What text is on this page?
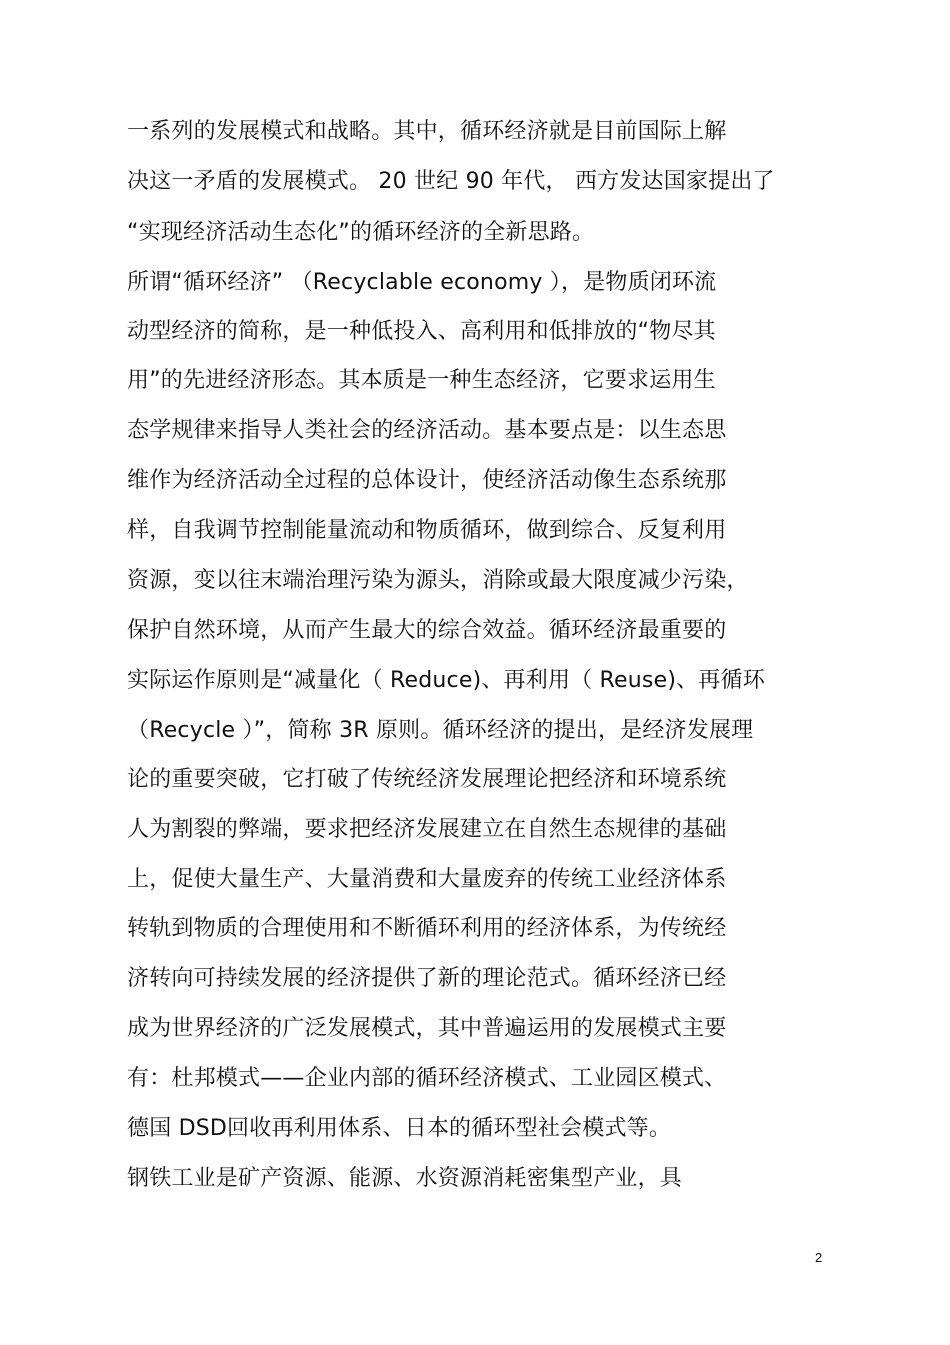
一系列的发展模式和战略。其中，循环经济就是目前国际上解
决这一矛盾的发展模式。 20 世纪 90 年代， 西方发达国家提出了
“实现经济活动生态化”的循环经济的全新思路。
所谓“循环经济” （Recyclable economy ），是物质闭环流
动型经济的简称，是一种低投入、高利用和低排放的“物尽其
用”的先进经济形态。其本质是一种生态经济，它要求运用生
态学规律来指导人类社会的经济活动。基本要点是：以生态思
维作为经济活动全过程的总体设计，使经济活动像生态系统那
样，自我调节控制能量流动和物质循环，做到综合、反复利用
资源，变以往末端治理污染为源头，消除或最大限度减少污染，
保护自然环境，从而产生最大的综合效益。循环经济最重要的
实际运作原则是“减量化（ Reduce)、再利用（ Reuse)、再循环
（Recycle ）”，简称 3R 原则。循环经济的提出，是经济发展理
论的重要突破，它打破了传统经济发展理论把经济和环境系统
人为割裂的弊端，要求把经济发展建立在自然生态规律的基础
上，促使大量生产、大量消费和大量废弃的传统工业经济体系
转轨到物质的合理使用和不断循环利用的经济体系，为传统经
济转向可持续发展的经济提供了新的理论范式。循环经济已经
成为世界经济的广泛发展模式，其中普遍运用的发展模式主要
有：杜邦模式——企业内部的循环经济模式、工业园区模式、
德国 DSD回收再利用体系、日本的循环型社会模式等。
钢铁工业是矿产资源、能源、水资源消耗密集型产业，具
2
